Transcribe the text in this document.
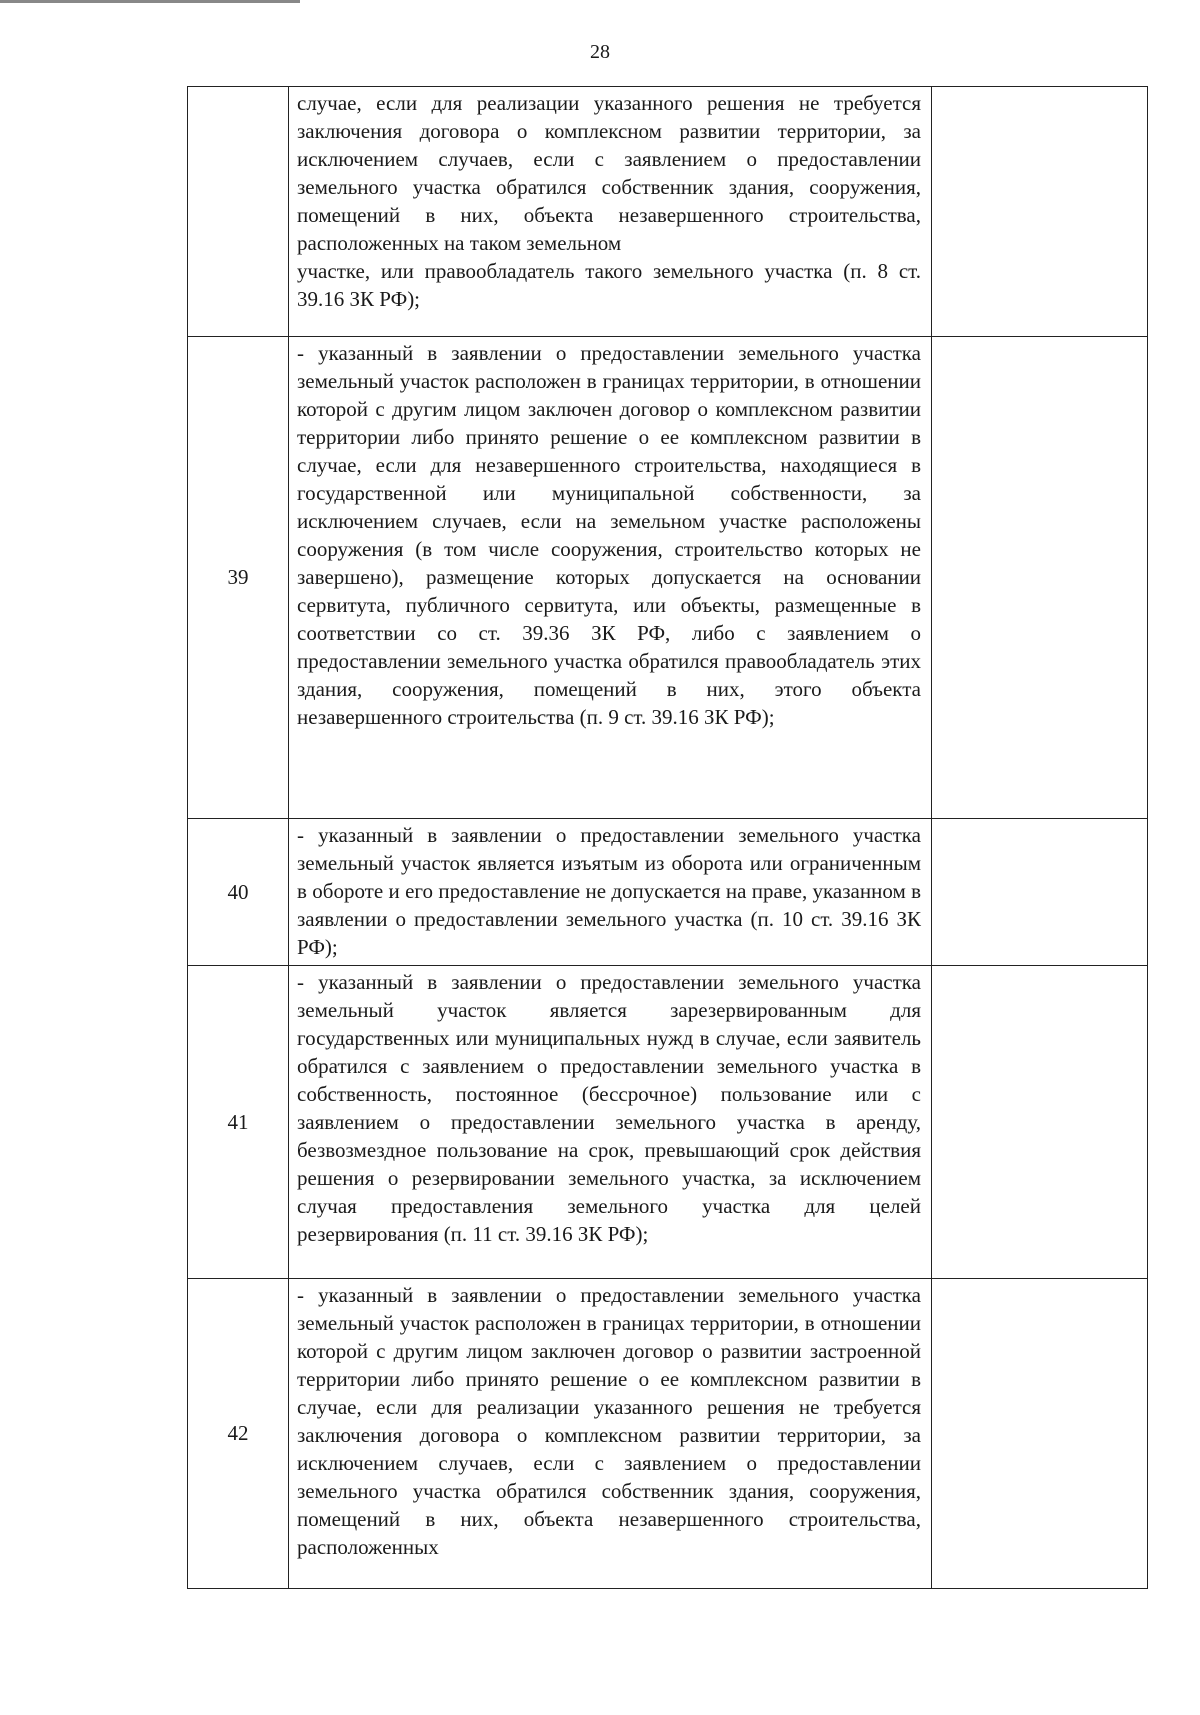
28

	случае, если для реализации указанного решения не требуется заключения договора о комплексном развитии территории, за исключением случаев, если с заявлением о предоставлении земельного участка обратился собственник здания, сооружения, помещений в них, объекта незавершенного строительства, расположенных на таком земельном

участке, или правообладатель такого земельного участка (п. 8 ст. 39.16 ЗК РФ);	

39	- указанный в заявлении о предоставлении земельного участка земельный участок расположен в границах территории, в отношении которой с другим лицом заключен договор о комплексном развитии территории либо принято решение о ее комплексном развитии в случае, если для незавершенного строительства, находящиеся в государственной или муниципальной собственности, за исключением случаев, если на земельном участке расположены сооружения (в том числе сооружения, строительство которых не завершено), размещение которых допускается на основании сервитута, публичного сервитута, или объекты, размещенные в соответствии со ст. 39.36 ЗК РФ, либо с заявлением о предоставлении земельного участка обратился правообладатель этих здания, сооружения, помещений в них, этого объекта незавершенного строительства (п. 9 ст. 39.16 ЗК РФ);	

40	- указанный в заявлении о предоставлении земельного участка земельный участок является изъятым из оборота или ограниченным в обороте и его предоставление не допускается на праве, указанном в заявлении о предоставлении земельного участка (п. 10 ст. 39.16 ЗК РФ);	

41	- указанный в заявлении о предоставлении земельного участка земельный участок является зарезервированным для государственных или муниципальных нужд в случае, если заявитель обратился с заявлением о предоставлении земельного участка в собственность, постоянное (бессрочное) пользование или с заявлением о предоставлении земельного участка в аренду, безвозмездное пользование на срок, превышающий срок действия решения о резервировании земельного участка, за исключением случая предоставления земельного участка для целей резервирования (п. 11 ст. 39.16 ЗК РФ);	

42	- указанный в заявлении о предоставлении земельного участка земельный участок расположен в границах территории, в отношении которой с другим лицом заключен договор о развитии застроенной территории либо принято решение о ее комплексном развитии в случае, если для реализации указанного решения не требуется заключения договора о комплексном развитии территории, за исключением случаев, если с заявлением о предоставлении земельного участка обратился собственник здания, сооружения, помещений в них, объекта незавершенного строительства, расположенных	
